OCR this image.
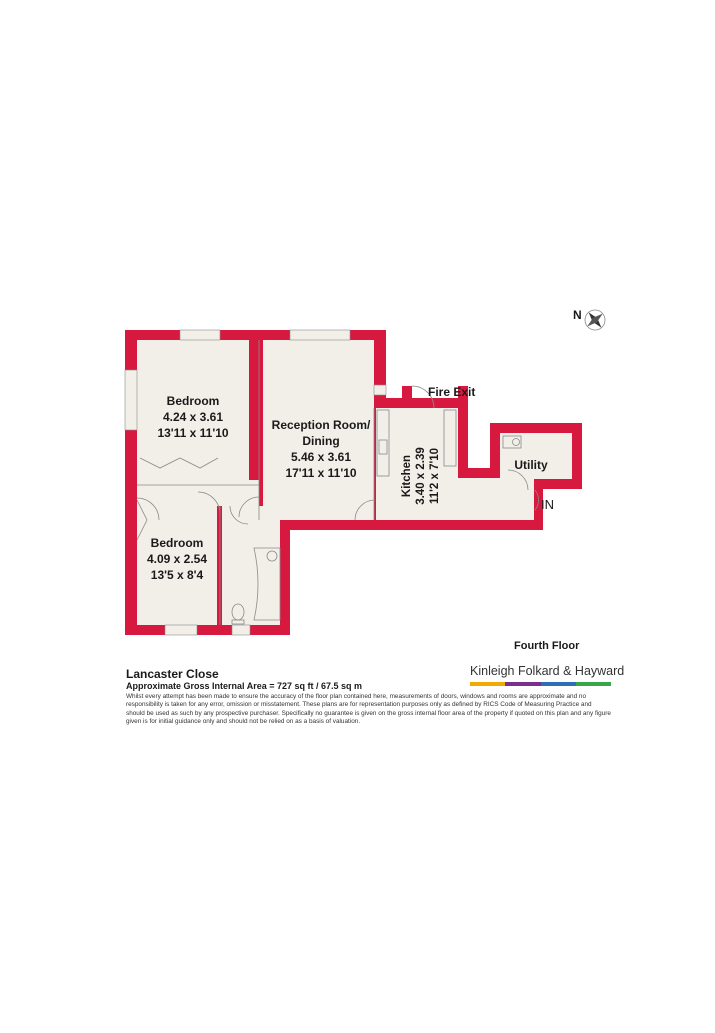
N
Fire Exit
IN
Bedroom
4.24 x 3.61
13'11 x 11'10
Reception Room/
Dining
5.46 x 3.61
17'11 x 11'10	Kitchen 3.40 x 2.39 11'2 x 7'10	Utility
Bedroom
4.09 x 2.54
13'5 x 8'4
Fourth Floor
Lancaster Close
Approximate Gross Internal Area = 727 sq ft / 67.5 sq m
Whilst every attempt has been made to ensure the accuracy of the floor plan contained here, measurements of doors, windows and rooms are approximate and no responsibility is taken for any error, omission or misstatement. These plans are for representation purposes only as defined by RICS Code of Measuring Practice and should be used as such by any prospective purchaser. Specifically no guarantee is given on the gross internal floor area of the property if quoted on this plan and any figure given is for initial guidance only and should not be relied on as a basis of valuation.
Kinleigh Folkard & Hayward
